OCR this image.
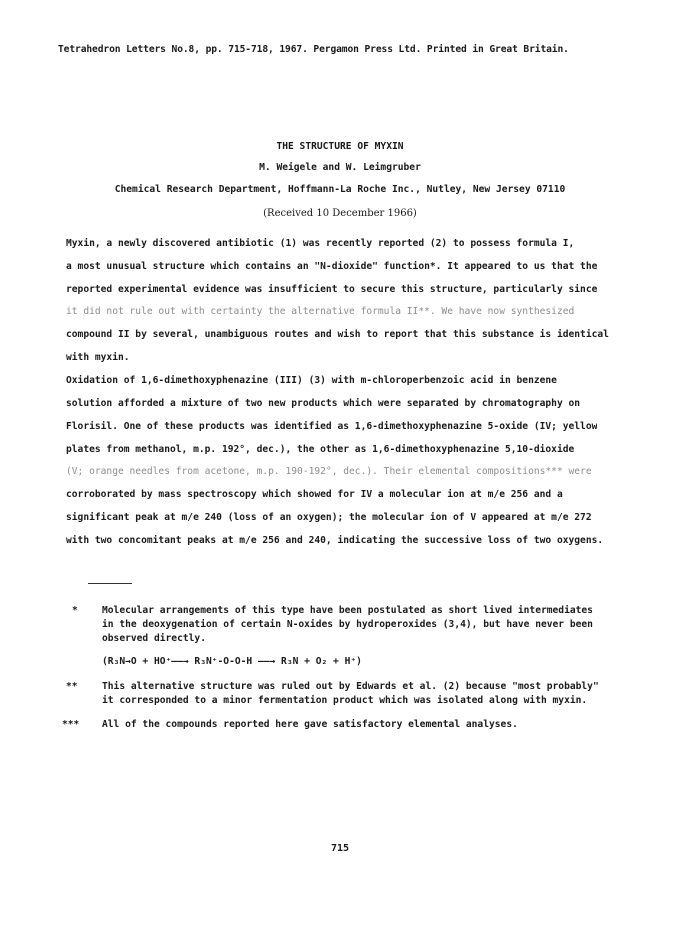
Tetrahedron Letters No.8, pp. 715-718, 1967. Pergamon Press Ltd. Printed in Great Britain.
THE STRUCTURE OF MYXIN
M. Weigele and W. Leimgruber
Chemical Research Department, Hoffmann-La Roche Inc., Nutley, New Jersey 07110
(Received 10 December 1966)
Myxin, a newly discovered antibiotic (1) was recently reported (2) to possess formula I,
a most unusual structure which contains an "N-dioxide" function*. It appeared to us that the
reported experimental evidence was insufficient to secure this structure, particularly since
it did not rule out with certainty the alternative formula II**. We have now synthesized
compound II by several, unambiguous routes and wish to report that this substance is identical
with myxin.
Oxidation of 1,6-dimethoxyphenazine (III) (3) with m-chloroperbenzoic acid in benzene
solution afforded a mixture of two new products which were separated by chromatography on
Florisil. One of these products was identified as 1,6-dimethoxyphenazine 5-oxide (IV; yellow
plates from methanol, m.p. 192°, dec.), the other as 1,6-dimethoxyphenazine 5,10-dioxide
(V; orange needles from acetone, m.p. 190-192°, dec.). Their elemental compositions*** were
corroborated by mass spectroscopy which showed for IV a molecular ion at m/e 256 and a
significant peak at m/e 240 (loss of an oxygen); the molecular ion of V appeared at m/e 272
with two concomitant peaks at m/e 256 and 240, indicating the successive loss of two oxygens.
*	Molecular arrangements of this type have been postulated as short lived intermediates
in the deoxygenation of certain N-oxides by hydroperoxides (3,4), but have never been
observed directly.
(R₃N→O + HO⁺——→ R₃N⁺-O-O-H ——→ R₃N + O₂ + H⁺)
**	This alternative structure was ruled out by Edwards et al. (2) because "most probably"
it corresponded to a minor fermentation product which was isolated along with myxin.
*** All of the compounds reported here gave satisfactory elemental analyses.
715
